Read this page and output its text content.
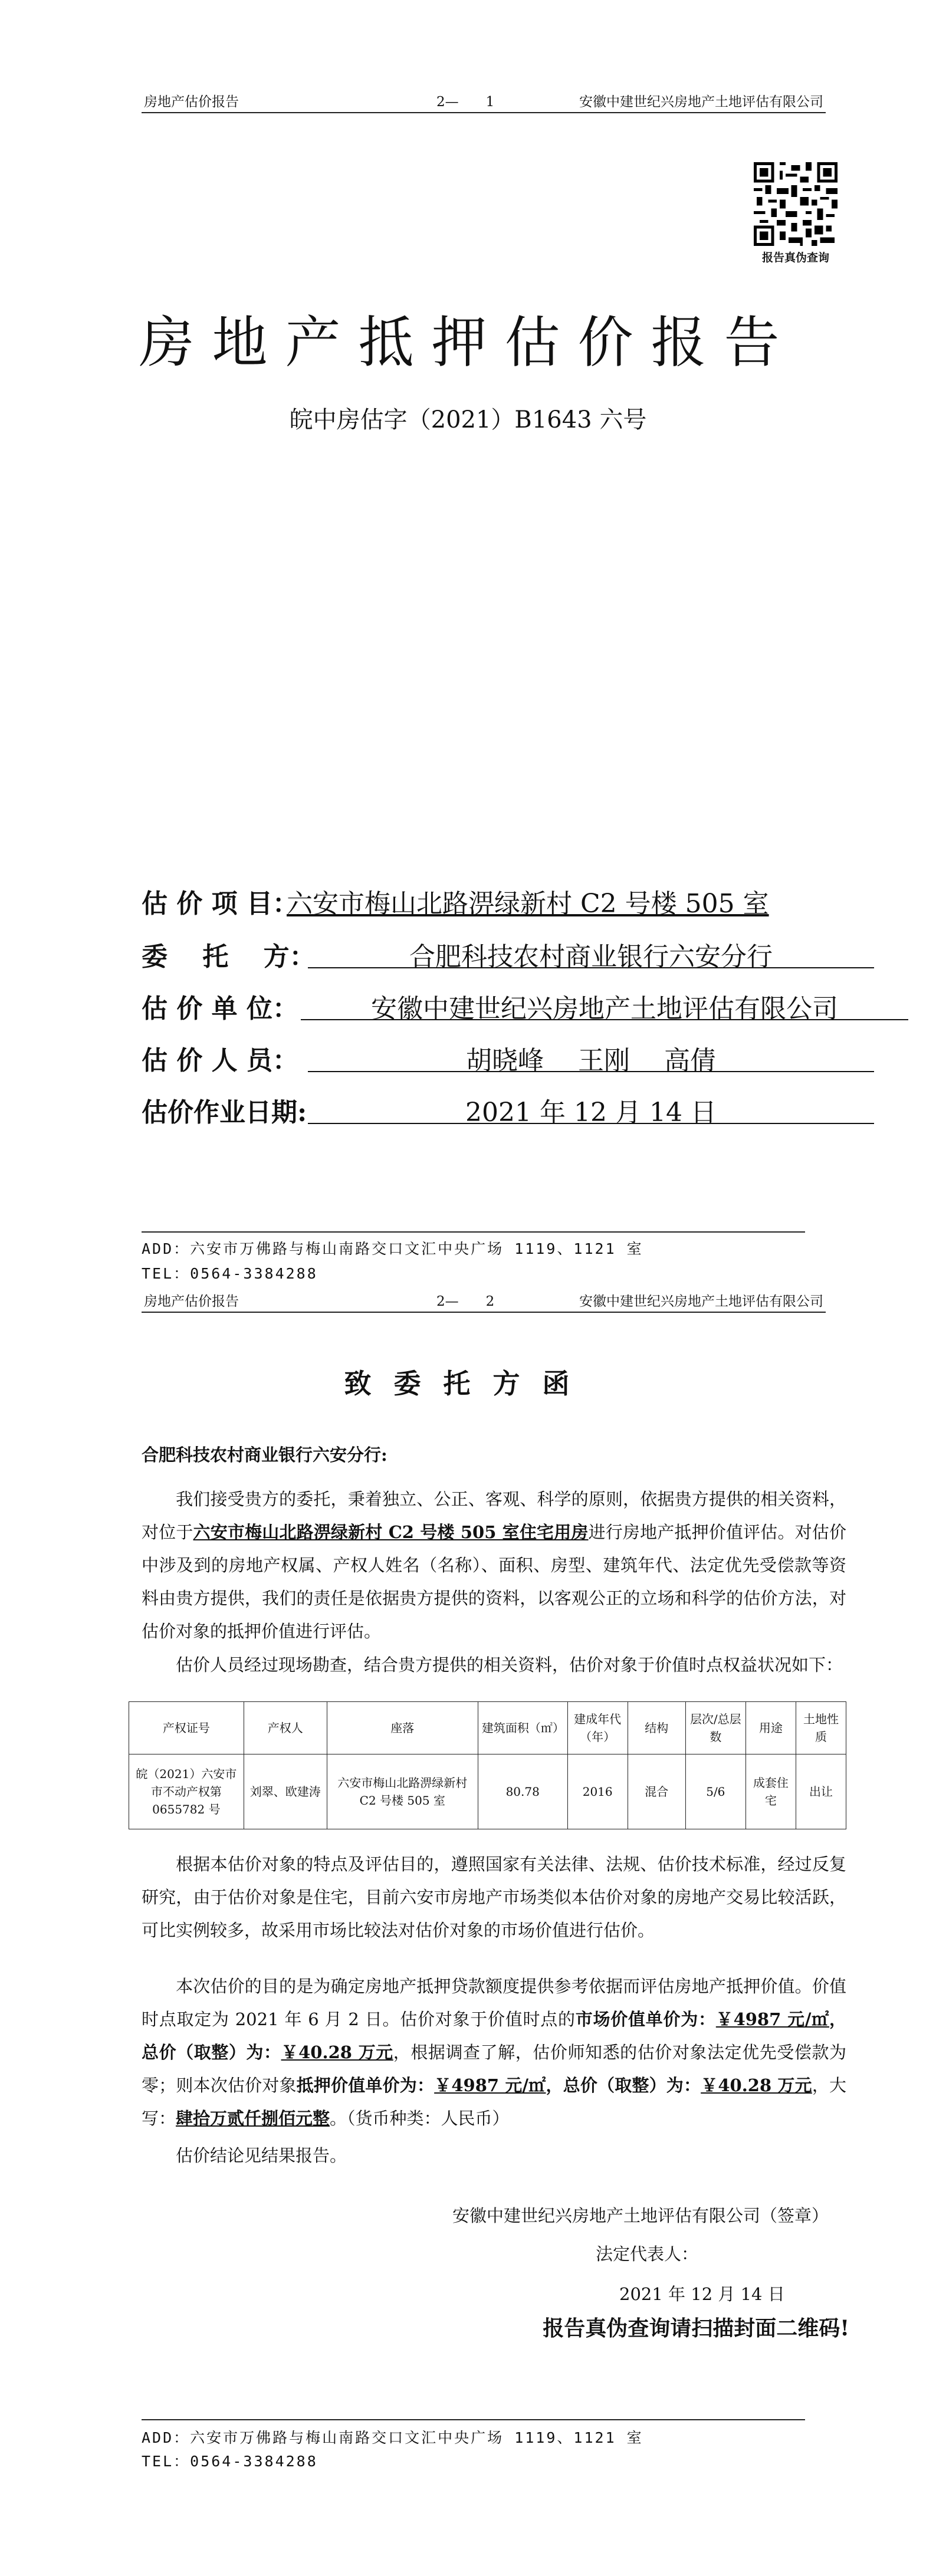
房地产估价报告	2—　　1	安徽中建世纪兴房地产土地评估有限公司
报告真伪查询
房地产抵押估价报告
皖中房估字（2021）B1643 六号
估 价 项 目：
六安市梅山北路淠绿新村 C2 号楼 505 室
委　 托　 方：	合肥科技农村商业银行六安分行
估 价 单 位：	安徽中建世纪兴房地产土地评估有限公司
估 价 人 员：	胡晓峰　 王刚　 高倩
估价作业日期:	2021 年 12 月 14 日
ADD：六安市万佛路与梅山南路交口文汇中央广场 1119、1121 室
TEL：0564-3384288
房地产估价报告	2—　　2	安徽中建世纪兴房地产土地评估有限公司
致委托方函
合肥科技农村商业银行六安分行:
我们接受贵方的委托，秉着独立、公正、客观、科学的原则，依据贵方提供的相关资料，对位于六安市梅山北路淠绿新村 C2 号楼 505 室住宅用房进行房地产抵押价值评估。对估价中涉及到的房地产权属、产权人姓名（名称）、面积、房型、建筑年代、法定优先受偿款等资料由贵方提供，我们的责任是依据贵方提供的资料，以客观公正的立场和科学的估价方法，对估价对象的抵押价值进行评估。
估价人员经过现场勘查，结合贵方提供的相关资料，估价对象于价值时点权益状况如下：
产权证号	产权人	座落	建筑面积（㎡）	建成年代（年）	结构	层次/总层数	用途	土地性质
皖（2021）六安市市不动产权第 0655782 号	刘翠、欧建涛	六安市梅山北路淠绿新村 C2 号楼 505 室	80.78	2016	混合	5/6	成套住宅	出让
根据本估价对象的特点及评估目的，遵照国家有关法律、法规、估价技术标准，经过反复研究，由于估价对象是住宅，目前六安市房地产市场类似本估价对象的房地产交易比较活跃，可比实例较多，故采用市场比较法对估价对象的市场价值进行估价。
本次估价的目的是为确定房地产抵押贷款额度提供参考依据而评估房地产抵押价值。价值时点取定为 2021 年 6 月 2 日。估价对象于价值时点的市场价值单价为：￥4987 元/㎡，总价（取整）为：￥40.28 万元，根据调查了解，估价师知悉的估价对象法定优先受偿款为零；则本次估价对象抵押价值单价为：￥4987 元/㎡，总价（取整）为：￥40.28 万元，大写：肆拾万贰仟捌佰元整。（货币种类：人民币）
估价结论见结果报告。
安徽中建世纪兴房地产土地评估有限公司（签章）
法定代表人：
2021 年 12 月 14 日
报告真伪查询请扫描封面二维码!
ADD：六安市万佛路与梅山南路交口文汇中央广场 1119、1121 室
TEL：0564-3384288
